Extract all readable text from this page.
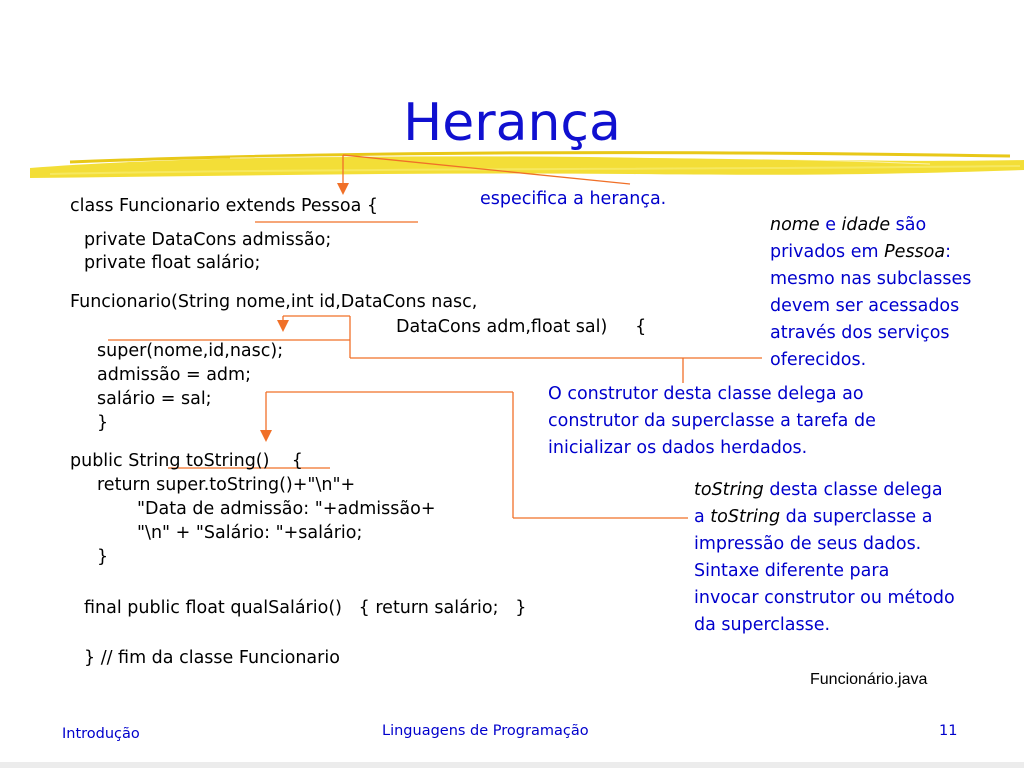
Herança
class Funcionario extends Pessoa {
private DataCons admissão;
private float salário;
Funcionario(String nome,int id,DataCons nasc,
DataCons adm,float sal)     {
super(nome,id,nasc);
admissão = adm;
salário = sal;
}
public String toString()    {
return super.toString()+"\n"+
"Data de admissão: "+admissão+
"\n" + "Salário: "+salário;
}
final public float qualSalário()   { return salário;   }
} // fim da classe Funcionario
especifica a herança.
nome e idade são
privados em Pessoa:
mesmo nas subclasses
devem ser acessados
através dos serviços
oferecidos.
O construtor desta classe delega ao
construtor da superclasse a tarefa de
inicializar os dados herdados.
toString desta classe delega
a toString da superclasse a
impressão de seus dados.
Sintaxe diferente para
invocar construtor ou método
da superclasse.
Funcionário.java
Introdução	Linguagens de Programação	11
